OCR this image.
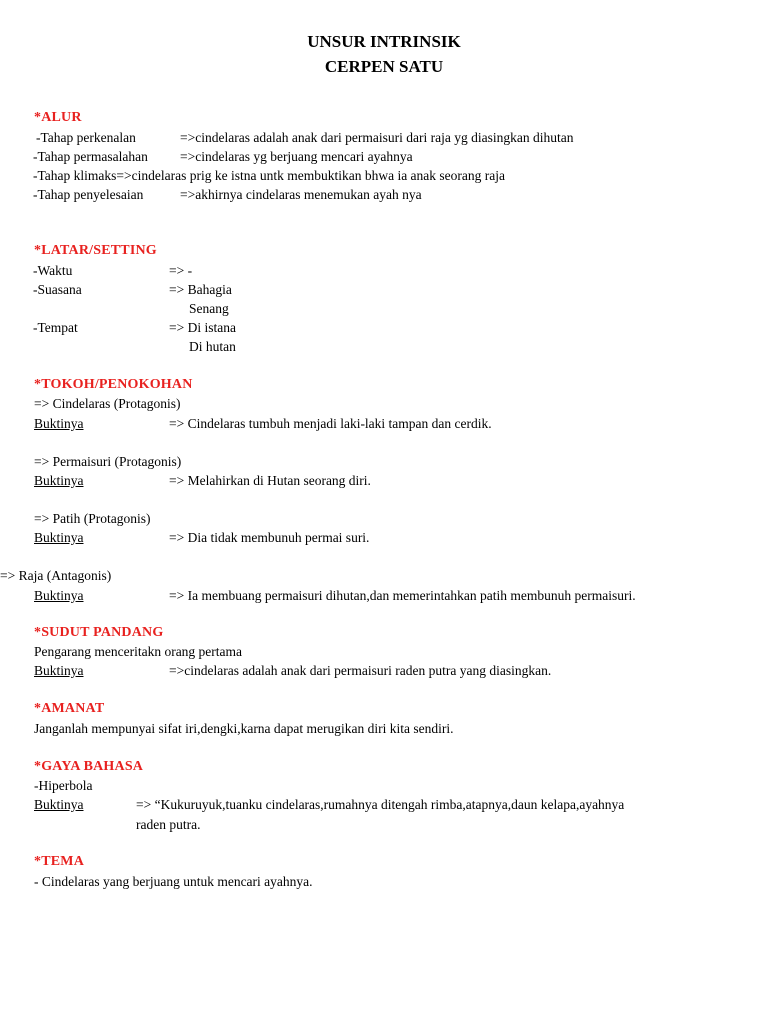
UNSUR INTRINSIK
CERPEN SATU
*ALUR
-Tahap perkenalan	=>cindelaras adalah anak dari permaisuri dari raja yg diasingkan dihutan
-Tahap permasalahan =>cindelaras yg berjuang mencari ayahnya
-Tahap klimaks=>cindelaras prig ke istna untk membuktikan bhwa ia anak seorang raja
-Tahap penyelesaian	=>akhirnya cindelaras menemukan ayah nya
*LATAR/SETTING
-Waktu	=> -
-Suasana	=> Bahagia
Senang
-Tempat	=> Di istana
Di hutan
*TOKOH/PENOKOHAN
=> Cindelaras (Protagonis)
Buktinya	=> Cindelaras tumbuh menjadi laki-laki tampan dan cerdik.
=> Permaisuri (Protagonis)
Buktinya	=> Melahirkan di Hutan seorang diri.
=> Patih (Protagonis)
Buktinya	=> Dia tidak membunuh permai suri.
=> Raja (Antagonis)
Buktinya	=> Ia membuang permaisuri dihutan,dan memerintahkan patih membunuh permaisuri.
*SUDUT PANDANG
Pengarang menceritakn orang pertama
Buktinya	=>cindelaras adalah anak dari permaisuri raden putra yang diasingkan.
*AMANAT
Janganlah mempunyai sifat iri,dengki,karna dapat merugikan diri kita sendiri.
*GAYA BAHASA
-Hiperbola
Buktinya	=> “Kukuruyuk,tuanku cindelaras,rumahnya ditengah rimba,atapnya,daun kelapa,ayahnya
raden putra.
*TEMA
- Cindelaras yang berjuang untuk mencari ayahnya.
